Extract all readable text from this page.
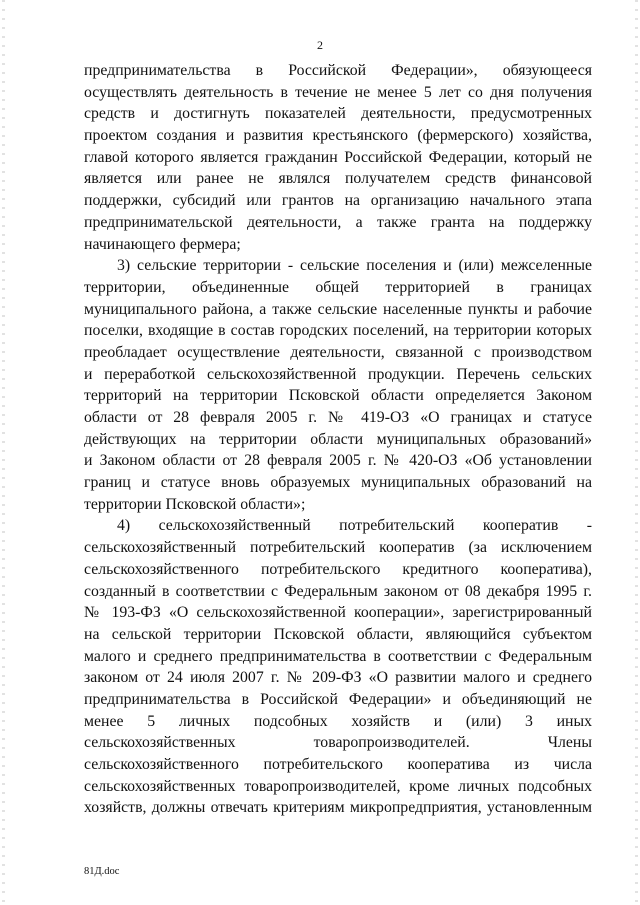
2
предпринимательства в Российской Федерации», обязующееся
осуществлять деятельность в течение не менее 5 лет со дня получения
средств и достигнуть показателей деятельности, предусмотренных
проектом создания и развития крестьянского (фермерского) хозяйства,
главой которого является гражданин Российской Федерации, который не
является или ранее не являлся получателем средств финансовой
поддержки, субсидий или грантов на организацию начального этапа
предпринимательской деятельности, а также гранта на поддержку
начинающего фермера;
3) сельские территории - сельские поселения и (или) межселенные
территории, объединенные общей территорией в границах
муниципального района, а также сельские населенные пункты и рабочие
поселки, входящие в состав городских поселений, на территории которых
преобладает осуществление деятельности, связанной с производством
и переработкой сельскохозяйственной продукции. Перечень сельских
территорий на территории Псковской области определяется Законом
области от 28 февраля 2005 г. № 419-ОЗ «О границах и статусе
действующих на территории области муниципальных образований»
и Законом области от 28 февраля 2005 г. № 420-ОЗ «Об установлении
границ и статусе вновь образуемых муниципальных образований на
территории Псковской области»;
4) сельскохозяйственный потребительский кооператив -
сельскохозяйственный потребительский кооператив (за исключением
сельскохозяйственного потребительского кредитного кооператива),
созданный в соответствии с Федеральным законом от 08 декабря 1995 г.
№ 193-ФЗ «О сельскохозяйственной кооперации», зарегистрированный
на сельской территории Псковской области, являющийся субъектом
малого и среднего предпринимательства в соответствии с Федеральным
законом от 24 июля 2007 г. № 209-ФЗ «О развитии малого и среднего
предпринимательства в Российской Федерации» и объединяющий не
менее 5 личных подсобных хозяйств и (или) 3 иных
сельскохозяйственных товаропроизводителей. Члены
сельскохозяйственного потребительского кооператива из числа
сельскохозяйственных товаропроизводителей, кроме личных подсобных
хозяйств, должны отвечать критериям микропредприятия, установленным
81Д.doc
